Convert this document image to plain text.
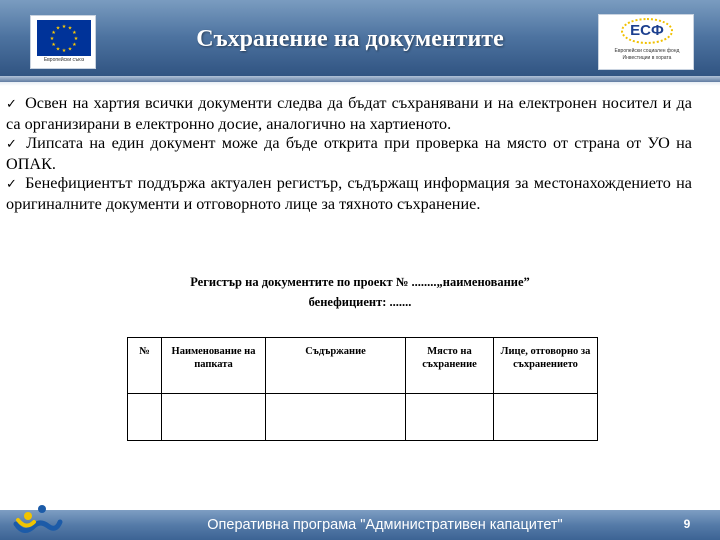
★ ★
★
★
★
★
★
★
★
★
★
★
Европейски съюз
Съхранение на документите	ЕСФ
Европейски социален фонд Инвестиции в хората
✓ Освен на хартия всички документи следва да бъдат съхранявани и на електронен носител и да са организирани в електронно досие, аналогично на хартиеното.
✓ Липсата на един документ може да бъде открита при проверка на място от страна от УО на ОПАК.
✓ Бенефициентът поддържа актуален регистър, съдържащ информация за местонахождението на оригиналните документи и отговорното лице за тяхното съхранение.
Регистър на документите по проект № ........„наименование”
бенефициент: .......
№	Наименование на папката	Съдържание	Място на съхранение	Лице, отговорно за съхранението

Оперативна програма "Административен капацитет"	9
